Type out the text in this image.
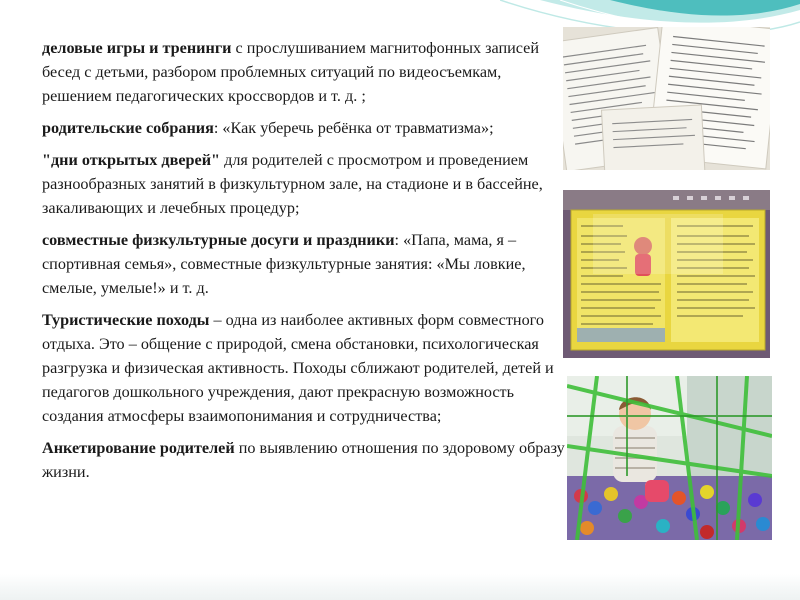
деловые игры и тренинги с прослушиванием магнитофонных записей бесед с детьми, разбором проблемных ситуаций по видеосъемкам, решением педагогических кроссвордов и т. д. ;

родительские собрания: «Как уберечь ребёнка от травматизма»;

"дни открытых дверей" для родителей с просмотром и проведением разнообразных занятий в физкультурном зале, на стадионе и в бассейне, закаливающих и лечебных процедур;

совместные физкультурные досуги и праздники: «Папа, мама, я – спортивная семья», совместные физкультурные занятия: «Мы ловкие, смелые, умелые!» и т. д.

Туристические походы – одна из наиболее активных форм совместного отдыха. Это – общение с природой, смена обстановки, психологическая разгрузка и физическая активность. Походы сближают родителей, детей и педагогов дошкольного учреждения, дают прекрасную возможность создания атмосферы взаимопонимания и сотрудничества;

Анкетирование родителей по выявлению отношения по здоровому образу жизни.
